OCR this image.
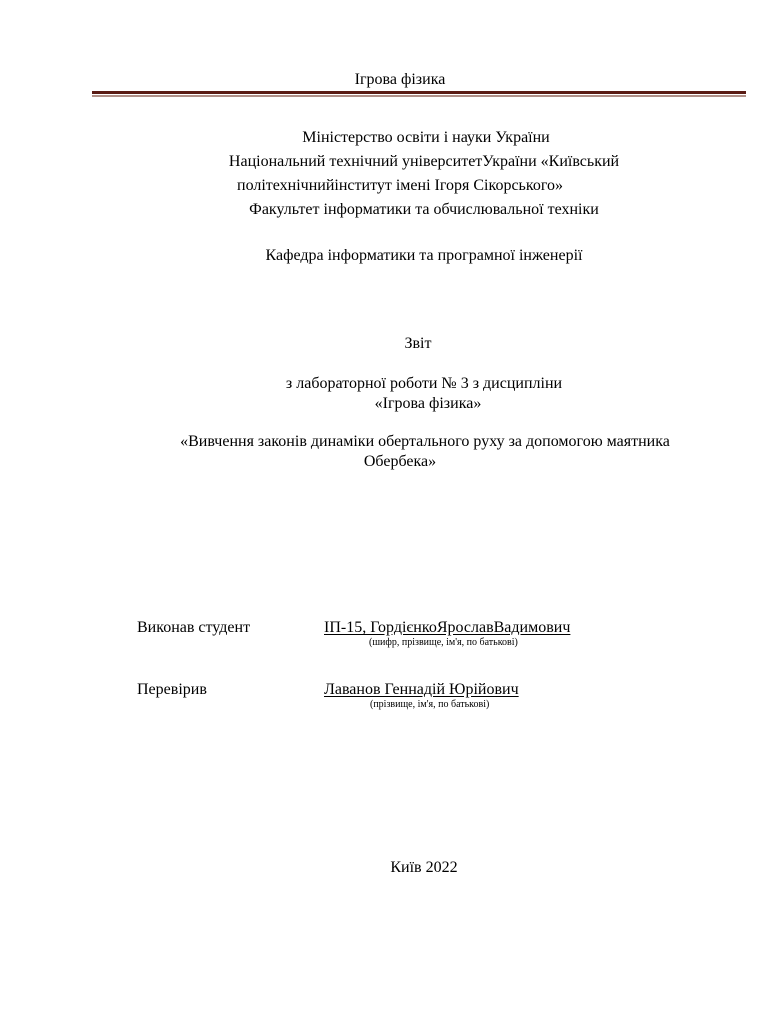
Ігрова фізика
Міністерство освіти і науки України
Національний технічний університетУкраїни «Київський
політехнічнийінститут імені Ігоря Сікорського»
Факультет інформатики та обчислювальної техніки
Кафедра інформатики та програмної інженерії
Звіт
з лабораторної роботи № 3 з дисципліни
«Ігрова фізика»
«Вивчення законів динаміки обертального руху за допомогою маятника
Обербека»
Виконав студент	ІП-15, ГордієнкоЯрославВадимович
(шифр, прізвище, ім'я, по батькові)
Перевірив	Лаванов Геннадій Юрійович
(прізвище, ім'я, по батькові)
Київ 2022
